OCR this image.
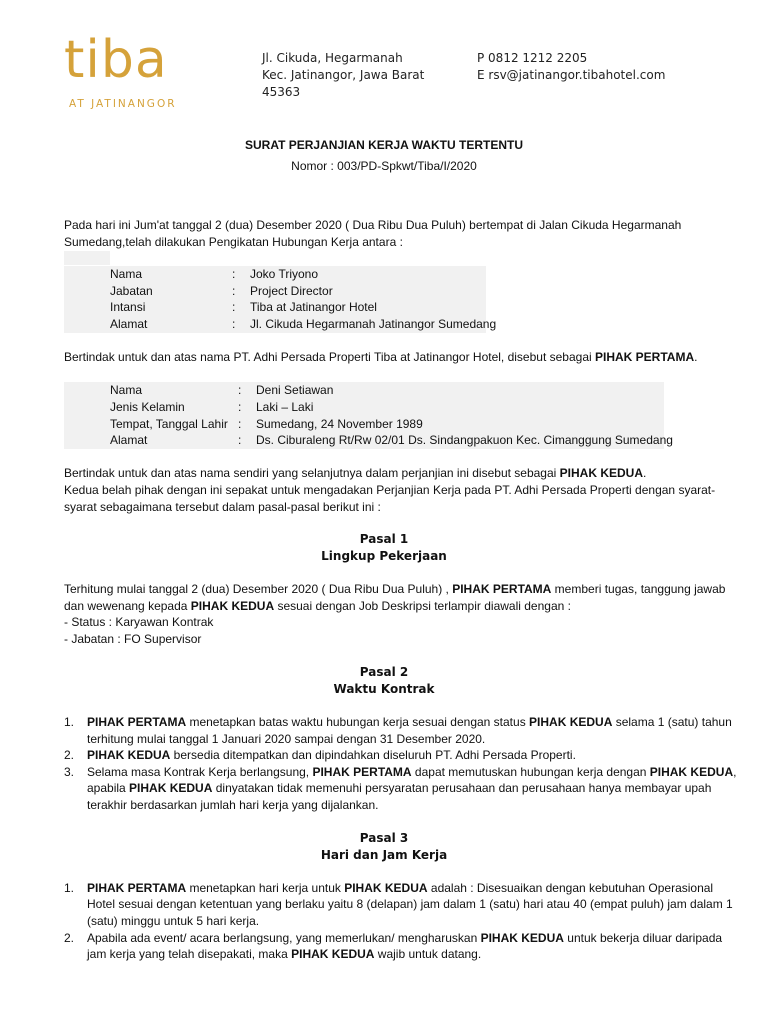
tiba
AT JATINANGOR
Jl. Cikuda, Hegarmanah
Kec. Jatinangor, Jawa Barat
45363
P 0812 1212 2205
E rsv@jatinangor.tibahotel.com
SURAT PERJANJIAN KERJA WAKTU TERTENTU
Nomor : 003/PD-Spkwt/Tiba/I/2020
Pada hari ini Jum'at tanggal 2 (dua) Desember 2020 ( Dua Ribu Dua Puluh) bertempat di Jalan Cikuda Hegarmanah
Sumedang,telah dilakukan Pengikatan Hubungan Kerja antara :
Nama	: Joko Triyono
Jabatan	: Project Director
Intansi	: Tiba at Jatinangor Hotel
Alamat	: Jl. Cikuda Hegarmanah Jatinangor Sumedang
Bertindak untuk dan atas nama PT. Adhi Persada Properti Tiba at Jatinangor Hotel, disebut sebagai PIHAK PERTAMA.
Nama	: Deni Setiawan
Jenis Kelamin	: Laki – Laki
Tempat, Tanggal Lahir : Sumedang, 24 November 1989
Alamat	: Ds. Ciburaleng Rt/Rw 02/01 Ds. Sindangpakuon Kec. Cimanggung Sumedang
Bertindak untuk dan atas nama sendiri yang selanjutnya dalam perjanjian ini disebut sebagai PIHAK KEDUA.
Kedua belah pihak dengan ini sepakat untuk mengadakan Perjanjian Kerja pada PT. Adhi Persada Properti dengan syarat-
syarat sebagaimana tersebut dalam pasal-pasal berikut ini :
Pasal 1
Lingkup Pekerjaan
Terhitung mulai tanggal 2 (dua) Desember 2020 ( Dua Ribu Dua Puluh) , PIHAK PERTAMA memberi tugas, tanggung jawab
dan wewenang kepada PIHAK KEDUA sesuai dengan Job Deskripsi terlampir diawali dengan :
- Status : Karyawan Kontrak
- Jabatan : FO Supervisor
Pasal 2
Waktu Kontrak
1. PIHAK PERTAMA menetapkan batas waktu hubungan kerja sesuai dengan status PIHAK KEDUA selama 1 (satu) tahun
terhitung mulai tanggal 1 Januari 2020 sampai dengan 31 Desember 2020.
2. PIHAK KEDUA bersedia ditempatkan dan dipindahkan diseluruh PT. Adhi Persada Properti.
3. Selama masa Kontrak Kerja berlangsung, PIHAK PERTAMA dapat memutuskan hubungan kerja dengan PIHAK KEDUA,
apabila PIHAK KEDUA dinyatakan tidak memenuhi persyaratan perusahaan dan perusahaan hanya membayar upah
terakhir berdasarkan jumlah hari kerja yang dijalankan.
Pasal 3
Hari dan Jam Kerja
1. PIHAK PERTAMA menetapkan hari kerja untuk PIHAK KEDUA adalah : Disesuaikan dengan kebutuhan Operasional
Hotel sesuai dengan ketentuan yang berlaku yaitu 8 (delapan) jam dalam 1 (satu) hari atau 40 (empat puluh) jam dalam 1
(satu) minggu untuk 5 hari kerja.
2. Apabila ada event/ acara berlangsung, yang memerlukan/ mengharuskan PIHAK KEDUA untuk bekerja diluar daripada
jam kerja yang telah disepakati, maka PIHAK KEDUA wajib untuk datang.
